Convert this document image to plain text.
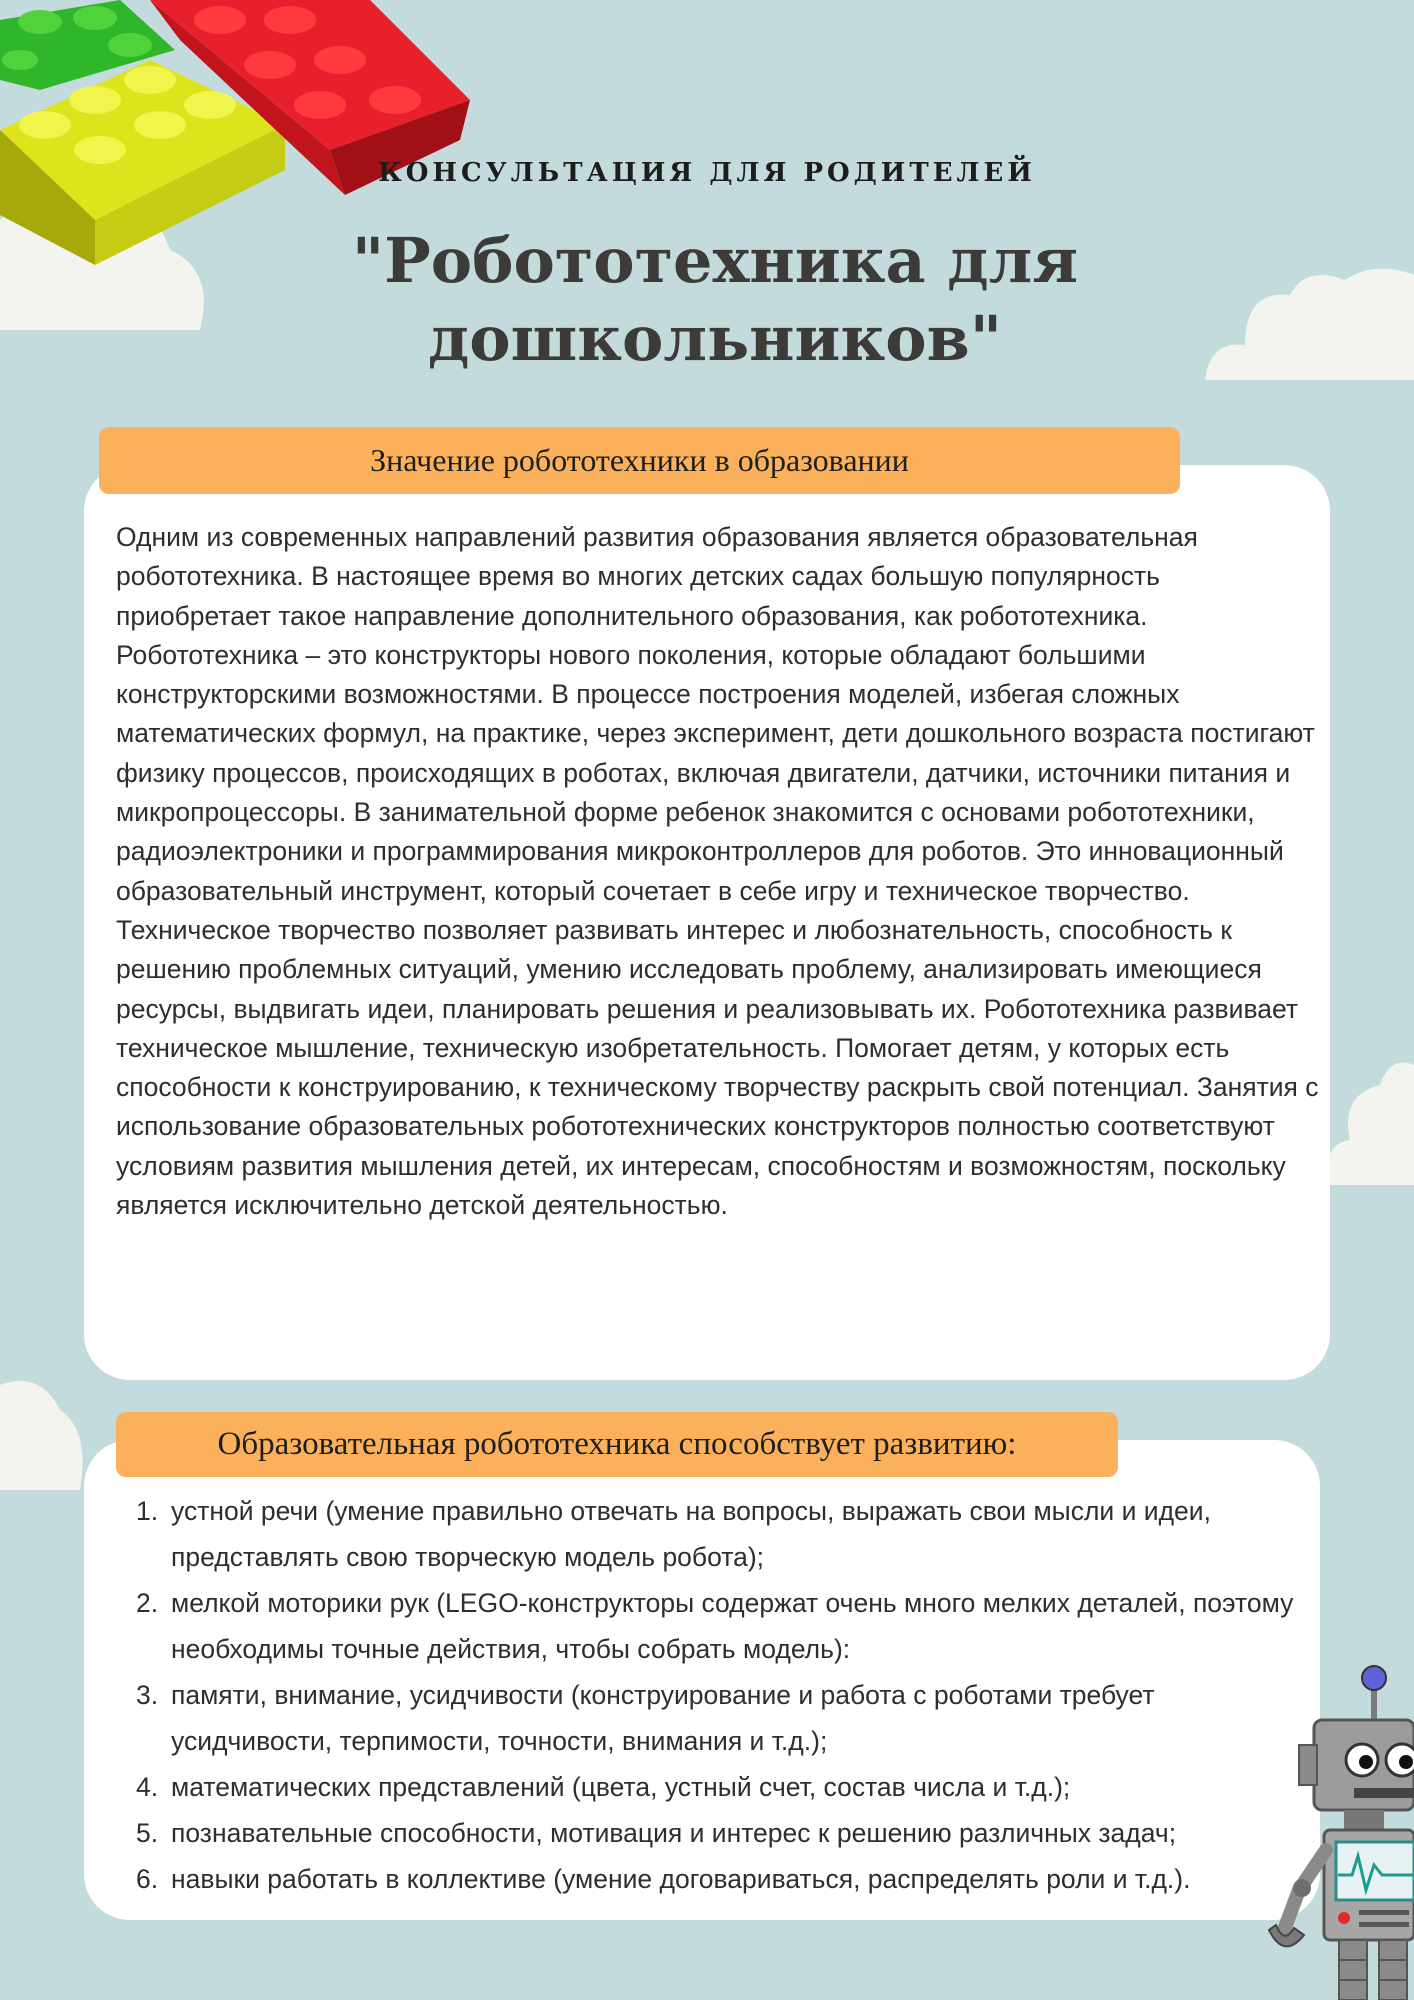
КОНСУЛЬТАЦИЯ ДЛЯ РОДИТЕЛЕЙ
"Робототехника для дошкольников"
Значение робототехники в образовании

Одним из современных направлений развития образования является образовательная робототехника. В настоящее время во многих детских садах большую популярность приобретает такое направление дополнительного образования, как робототехника. Робототехника – это конструкторы нового поколения, которые обладают большими конструкторскими возможностями. В процессе построения моделей, избегая сложных математических формул, на практике, через эксперимент, дети дошкольного возраста постигают физику процессов, происходящих в роботах, включая двигатели, датчики, источники питания и микропроцессоры. В занимательной форме ребенок знакомится с основами робототехники, радиоэлектроники и программирования микроконтроллеров для роботов. Это инновационный образовательный инструмент, который сочетает в себе игру и техническое творчество.

Техническое творчество позволяет развивать интерес и любознательность, способность к решению проблемных ситуаций, умению исследовать проблему, анализировать имеющиеся ресурсы, выдвигать идеи, планировать решения и реализовывать их. Робототехника развивает техническое мышление, техническую изобретательность. Помогает детям, у которых есть способности к конструированию, к техническому творчеству раскрыть свой потенциал. Занятия с использование образовательных робототехнических конструкторов полностью соответствуют условиям развития мышления детей, их интересам, способностям и возможностям, поскольку является исключительно детской деятельностью.

Образовательная робототехника способствует развитию:
1. устной речи (умение правильно отвечать на вопросы, выражать свои мысли и идеи, представлять свою творческую модель робота);
2. мелкой моторики рук (LEGO-конструкторы содержат очень много мелких деталей, поэтому необходимы точные действия, чтобы собрать модель):
3. памяти, внимание, усидчивости (конструирование и работа с роботами требует усидчивости, терпимости, точности, внимания и т.д.);
4. математических представлений (цвета, устный счет, состав числа и т.д.);
5. познавательные способности, мотивация и интерес к решению различных задач;
6. навыки работать в коллективе (умение договариваться, распределять роли и т.д.).
